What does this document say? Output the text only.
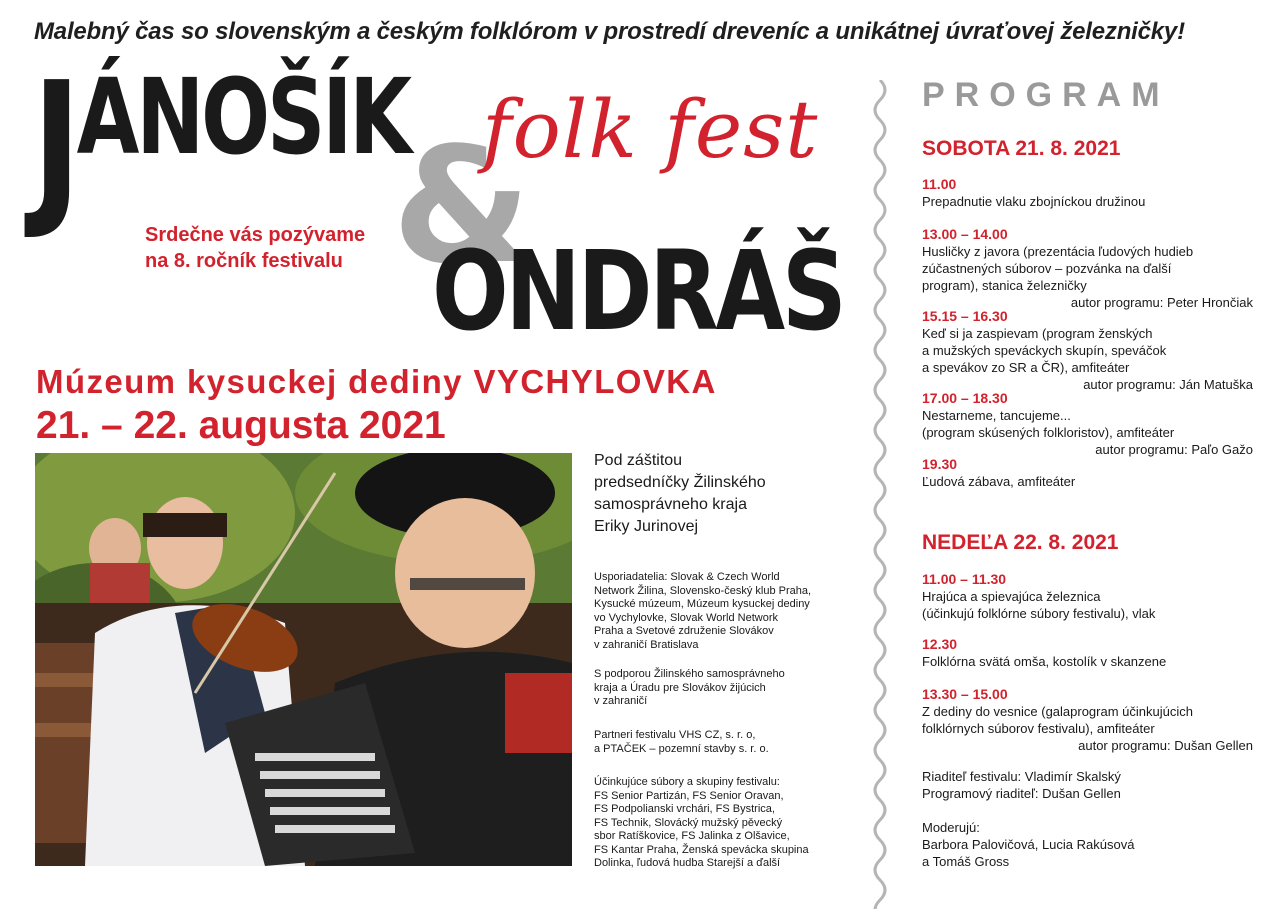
Malebný čas so slovenským a českým folklórom v prostredí dreveníc a unikátnej úvraťovej železničky!
JÁNOŠÍK
&
folk fest
ONDRÁŠ
Srdečne vás pozývame
na 8. ročník festivalu
Múzeum kysuckej dediny VYCHYLOVKA
21. – 22. augusta 2021
Pod záštitou
predsedníčky Žilinského
samosprávneho kraja
Eriky Jurinovej
Usporiadatelia: Slovak & Czech World
Network Žilina, Slovensko-český klub Praha,
Kysucké múzeum, Múzeum kysuckej dediny
vo Vychylovke, Slovak World Network
Praha a Svetové združenie Slovákov
v zahraničí Bratislava
S podporou Žilinského samosprávneho
kraja a Úradu pre Slovákov žijúcich
v zahraničí
Partneri festivalu VHS CZ, s. r. o,
a PTAČEK – pozemní stavby s. r. o.
Účinkujúce súbory a skupiny festivalu:
FS Senior Partizán, FS Senior Oravan,
FS Podpolianski vrchári, FS Bystrica,
FS Technik, Slovácký mužský pěvecký
sbor Ratíškovice, FS Jalinka z Olšavice,
FS Kantar Praha, Ženská spevácka skupina
Dolinka, ľudová hudba Starejší a ďalší
PROGRAM
SOBOTA 21. 8. 2021

11.00

Prepadnutie vlaku zbojníckou družinou

13.00 – 14.00

Husličky z javora (prezentácia ľudových hudieb

zúčastnených súborov – pozvánka na ďalší

program), stanica železničky

autor programu: Peter Hrončiak

15.15 – 16.30

Keď si ja zaspievam (program ženských

a mužských speváckych skupín, speváčok

a spevákov zo SR a ČR), amfiteáter

autor programu: Ján Matuška

17.00 – 18.30

Nestarneme, tancujeme...

(program skúsených folkloristov), amfiteáter

autor programu: Paľo Gažo

19.30

Ľudová zábava, amfiteáter

NEDEĽA 22. 8. 2021

11.00 – 11.30

Hrajúca a spievajúca železnica

(účinkujú folklórne súbory festivalu), vlak

12.30

Folklórna svätá omša, kostolík v skanzene

13.30 – 15.00

Z dediny do vesnice (galaprogram účinkujúcich

folklórnych súborov festivalu), amfiteáter

autor programu: Dušan Gellen

Riaditeľ festivalu: Vladimír Skalský
Programový riaditeľ: Dušan Gellen
Moderujú:
Barbora Palovičová, Lucia Rakúsová
a Tomáš Gross
